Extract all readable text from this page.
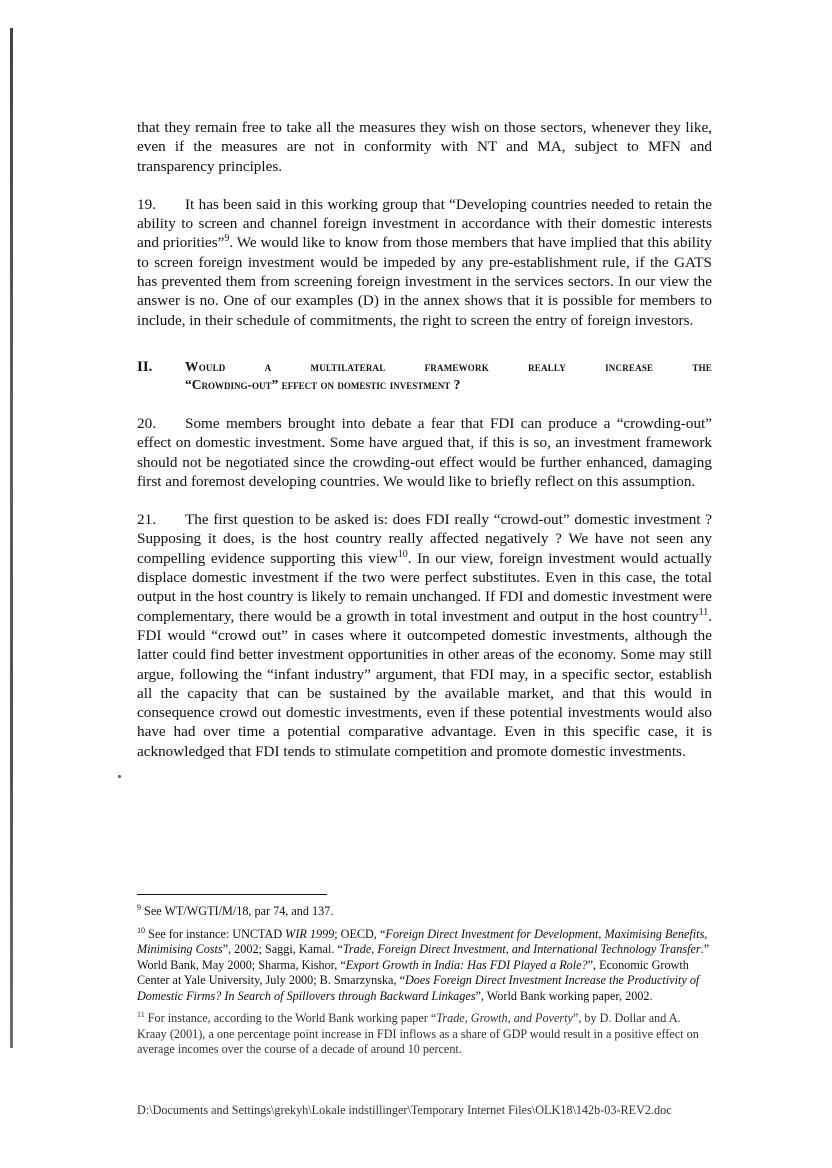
that they remain free to take all the measures they wish on those sectors, whenever they like, even if the measures are not in conformity with NT and MA, subject to MFN and transparency principles.

19. It has been said in this working group that “Developing countries needed to retain the ability to screen and channel foreign investment in accordance with their domestic interests and priorities”$^9$. We would like to know from those members that have implied that this ability to screen foreign investment would be impeded by any pre-establishment rule, if the GATS has prevented them from screening foreign investment in the services sectors. In our view the answer is no. One of our examples (D) in the annex shows that it is possible for members to include, in their schedule of commitments, the right to screen the entry of foreign investors.

II.	Would	a	multilateral	framework	really	increase	the
“Crowding-out” effect on domestic investment ?

20. Some members brought into debate a fear that FDI can produce a “crowding-out” effect on domestic investment. Some have argued that, if this is so, an investment framework should not be negotiated since the crowding-out effect would be further enhanced, damaging first and foremost developing countries. We would like to briefly reflect on this assumption.

21. The first question to be asked is: does FDI really “crowd-out” domestic investment ? Supposing it does, is the host country really affected negatively ? We have not seen any compelling evidence supporting this view$^{10}$. In our view, foreign investment would actually displace domestic investment if the two were perfect substitutes. Even in this case, the total output in the host country is likely to remain unchanged. If FDI and domestic investment were complementary, there would be a growth in total investment and output in the host country$^{11}$. FDI would “crowd out” in cases where it outcompeted domestic investments, although the latter could find better investment opportunities in other areas of the economy. Some may still argue, following the “infant industry” argument, that FDI may, in a specific sector, establish all the capacity that can be sustained by the available market, and that this would in consequence crowd out domestic investments, even if these potential investments would also have had over time a potential comparative advantage. Even in this specific case, it is acknowledged that FDI tends to stimulate competition and promote domestic investments.

$^9$ See WT/WGTI/M/18, par 74, and 137.
$^{10}$ See for instance: UNCTAD WIR 1999; OECD, “Foreign Direct Investment for Development, Maximising Benefits, Minimising Costs”, 2002; Saggi, Kamal. “Trade, Foreign Direct Investment, and International Technology Transfer.” World Bank, May 2000; Sharma, Kishor, “Export Growth in India: Has FDI Played a Role?”, Economic Growth Center at Yale University, July 2000; B. Smarzynska, “Does Foreign Direct Investment Increase the Productivity of Domestic Firms? In Search of Spillovers through Backward Linkages”, World Bank working paper, 2002.
$^{11}$ For instance, according to the World Bank working paper “Trade, Growth, and Poverty”, by D. Dollar and A. Kraay (2001), a one percentage point increase in FDI inflows as a share of GDP would result in a positive effect on average incomes over the course of a decade of around 10 percent.
D:\Documents and Settings\grekyh\Lokale indstillinger\Temporary Internet Files\OLK18\142b-03-REV2.doc
